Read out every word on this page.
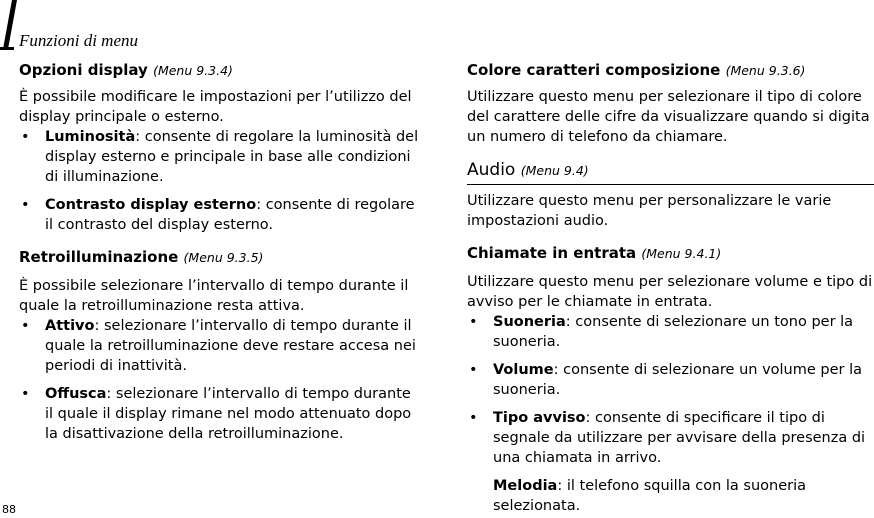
Funzioni di menu
Opzioni display (Menu 9.3.4)
È possibile modificare le impostazioni per l’utilizzo del display principale o esterno.
• Luminosità: consente di regolare la luminosità del display esterno e principale in base alle condizioni di illuminazione.
• Contrasto display esterno: consente di regolare il contrasto del display esterno.
Retroilluminazione (Menu 9.3.5)
È possibile selezionare l’intervallo di tempo durante il quale la retroilluminazione resta attiva.
• Attivo: selezionare l’intervallo di tempo durante il quale la retroilluminazione deve restare accesa nei periodi di inattività.
• Offusca: selezionare l’intervallo di tempo durante il quale il display rimane nel modo attenuato dopo la disattivazione della retroilluminazione.
Colore caratteri composizione (Menu 9.3.6)
Utilizzare questo menu per selezionare il tipo di colore del carattere delle cifre da visualizzare quando si digita un numero di telefono da chiamare.
Audio (Menu 9.4)
Utilizzare questo menu per personalizzare le varie impostazioni audio.
Chiamate in entrata (Menu 9.4.1)
Utilizzare questo menu per selezionare volume e tipo di avviso per le chiamate in entrata.
• Suoneria: consente di selezionare un tono per la suoneria.
• Volume: consente di selezionare un volume per la suoneria.
• Tipo avviso: consente di specificare il tipo di segnale da utilizzare per avvisare della presenza di una chiamata in arrivo.
Melodia: il telefono squilla con la suoneria selezionata.
88
